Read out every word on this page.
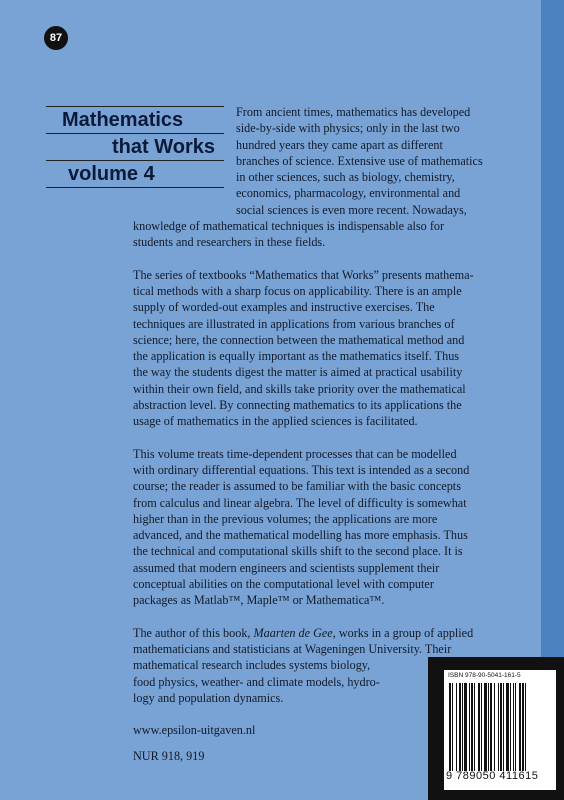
87
Mathematics
that Works
volume 4
From ancient times, mathematics has developed
side-by-side with physics; only in the last two
hundred years they came apart as different
branches of science. Extensive use of mathematics
in other sciences, such as biology, chemistry,
economics, pharmacology, environmental and
social sciences is even more recent. Nowadays,
knowledge of mathematical techniques is indispensable also for
students and researchers in these fields.
The series of textbooks “Mathematics that Works” presents mathema-
tical methods with a sharp focus on applicability. There is an ample
supply of worded-out examples and instructive exercises. The
techniques are illustrated in applications from various branches of
science; here, the connection between the mathematical method and
the application is equally important as the mathematics itself. Thus
the way the students digest the matter is aimed at practical usability
within their own field, and skills take priority over the mathematical
abstraction level. By connecting mathematics to its applications the
usage of mathematics in the applied sciences is facilitated.
This volume treats time-dependent processes that can be modelled
with ordinary differential equations. This text is intended as a second
course; the reader is assumed to be familiar with the basic concepts
from calculus and linear algebra. The level of difficulty is somewhat
higher than in the previous volumes; the applications are more
advanced, and the mathematical modelling has more emphasis. Thus
the technical and computational skills shift to the second place. It is
assumed that modern engineers and scientists supplement their
conceptual abilities on the computational level with computer
packages as Matlab™, Maple™ or Mathematica™.
The author of this book, Maarten de Gee, works in a group of applied
mathematicians and statisticians at Wageningen University. Their
mathematical research includes systems biology,
food physics, weather- and climate models, hydro-
logy and population dynamics.
www.epsilon-uitgaven.nl
NUR 918, 919
ISBN 978-90-5041-161-5
9 789050 411615
